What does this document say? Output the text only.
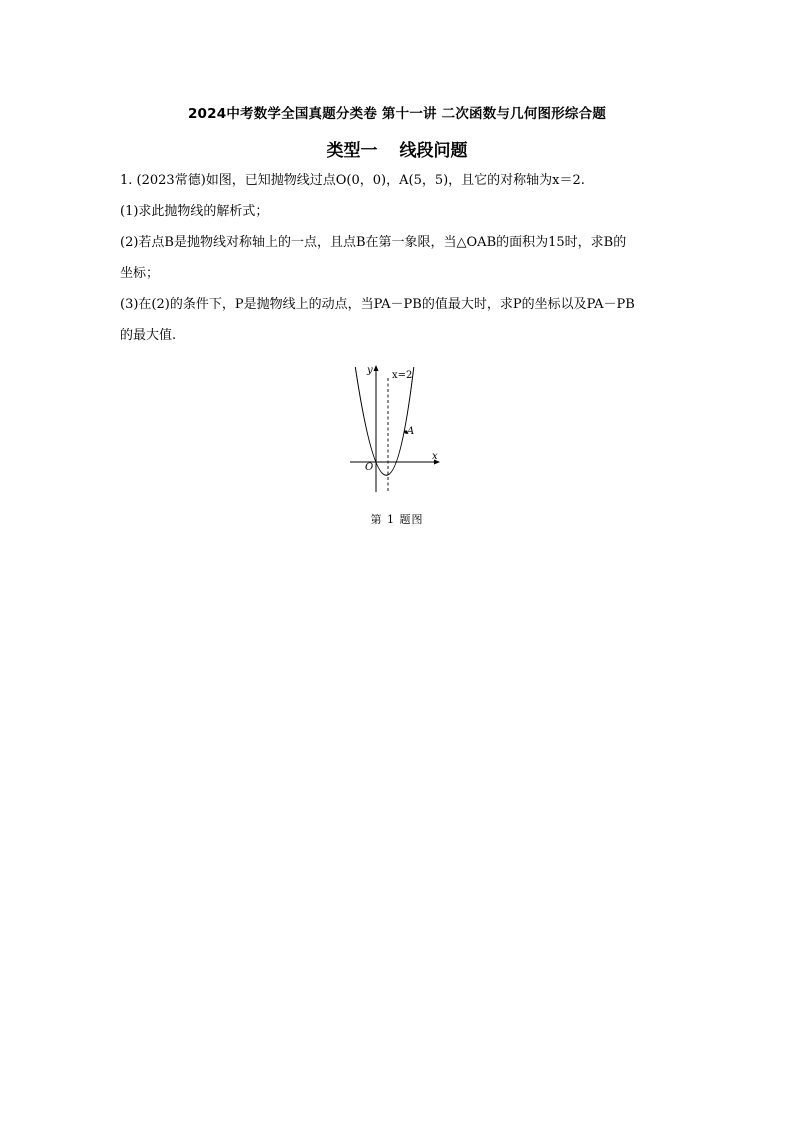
2024中考数学全国真题分类卷 第十一讲 二次函数与几何图形综合题
类型一 线段问题
1. (2023常德)如图，已知抛物线过点O(0，0)，A(5，5)，且它的对称轴为x＝2.
(1)求此抛物线的解析式；
(2)若点B是抛物线对称轴上的一点，且点B在第一象限，当△OAB的面积为15时，求B的
坐标；
(3)在(2)的条件下，P是抛物线上的动点，当PA－PB的值最大时，求P的坐标以及PA－PB
的最大值.
x
y
O
A
x=2
第 1 题图
